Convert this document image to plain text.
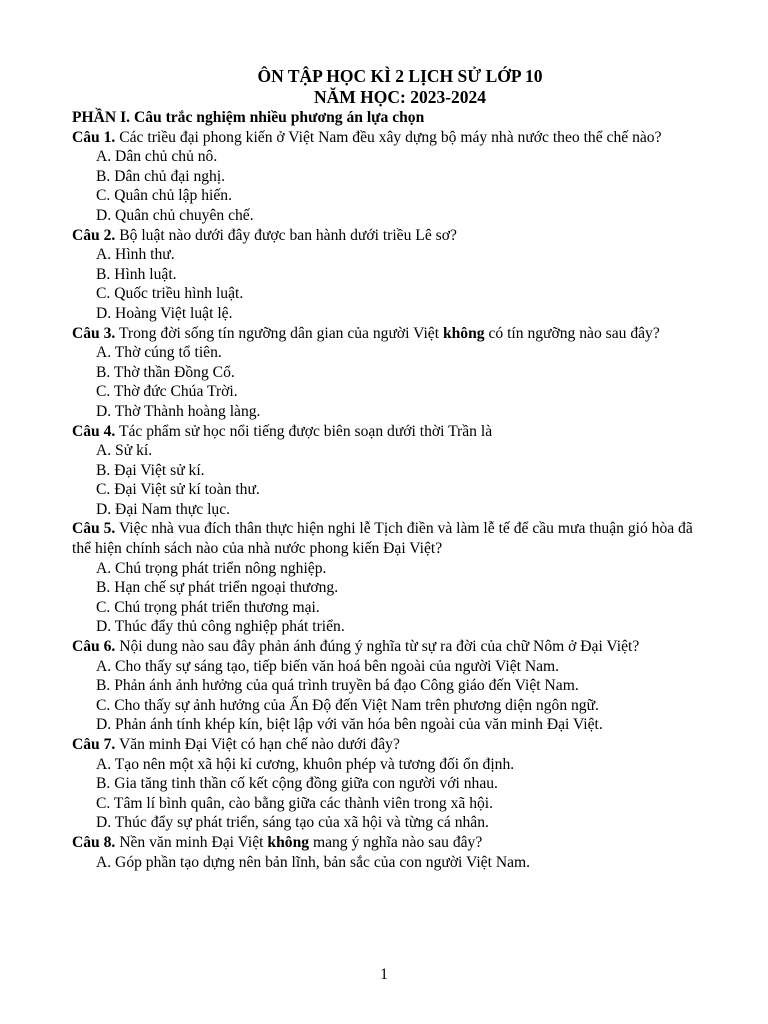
ÔN TẬP HỌC KÌ 2 LỊCH SỬ LỚP 10
NĂM HỌC: 2023-2024
PHẦN I. Câu trắc nghiệm nhiều phương án lựa chọn
Câu 1. Các triều đại phong kiến ở Việt Nam đều xây dựng bộ máy nhà nước theo thể chế nào?
A. Dân chủ chủ nô.
B. Dân chủ đại nghị.
C. Quân chủ lập hiến.
D. Quân chủ chuyên chế.
Câu 2. Bộ luật nào dưới đây được ban hành dưới triều Lê sơ?
A. Hình thư.
B. Hình luật.
C. Quốc triều hình luật.
D. Hoàng Việt luật lệ.
Câu 3. Trong đời sống tín ngưỡng dân gian của người Việt không có tín ngưỡng nào sau đây?
A. Thờ cúng tổ tiên.
B. Thờ thần Đồng Cổ.
C. Thờ đức Chúa Trời.
D. Thờ Thành hoàng làng.
Câu 4. Tác phẩm sử học nổi tiếng được biên soạn dưới thời Trần là
A. Sử kí.
B. Đại Việt sử kí.
C. Đại Việt sử kí toàn thư.
D. Đại Nam thực lục.
Câu 5. Việc nhà vua đích thân thực hiện nghi lễ Tịch điền và làm lễ tế để cầu mưa thuận gió hòa đã thể hiện chính sách nào của nhà nước phong kiến Đại Việt?
A. Chú trọng phát triển nông nghiệp.
B. Hạn chế sự phát triển ngoại thương.
C. Chú trọng phát triển thương mại.
D. Thúc đẩy thủ công nghiệp phát triển.
Câu 6. Nội dung nào sau đây phản ánh đúng ý nghĩa từ sự ra đời của chữ Nôm ở Đại Việt?
A. Cho thấy sự sáng tạo, tiếp biến văn hoá bên ngoài của người Việt Nam.
B. Phản ánh ảnh hưởng của quá trình truyền bá đạo Công giáo đến Việt Nam.
C. Cho thấy sự ảnh hưởng của Ấn Độ đến Việt Nam trên phương diện ngôn ngữ.
D. Phản ánh tính khép kín, biệt lập với văn hóa bên ngoài của văn minh Đại Việt.
Câu 7. Văn minh Đại Việt có hạn chế nào dưới đây?
A. Tạo nên một xã hội kỉ cương, khuôn phép và tương đối ổn định.
B. Gia tăng tinh thần cố kết cộng đồng giữa con người với nhau.
C. Tâm lí bình quân, cào bằng giữa các thành viên trong xã hội.
D. Thúc đẩy sự phát triển, sáng tạo của xã hội và từng cá nhân.
Câu 8. Nền văn minh Đại Việt không mang ý nghĩa nào sau đây?
A. Góp phần tạo dựng nên bản lĩnh, bản sắc của con người Việt Nam.
1
